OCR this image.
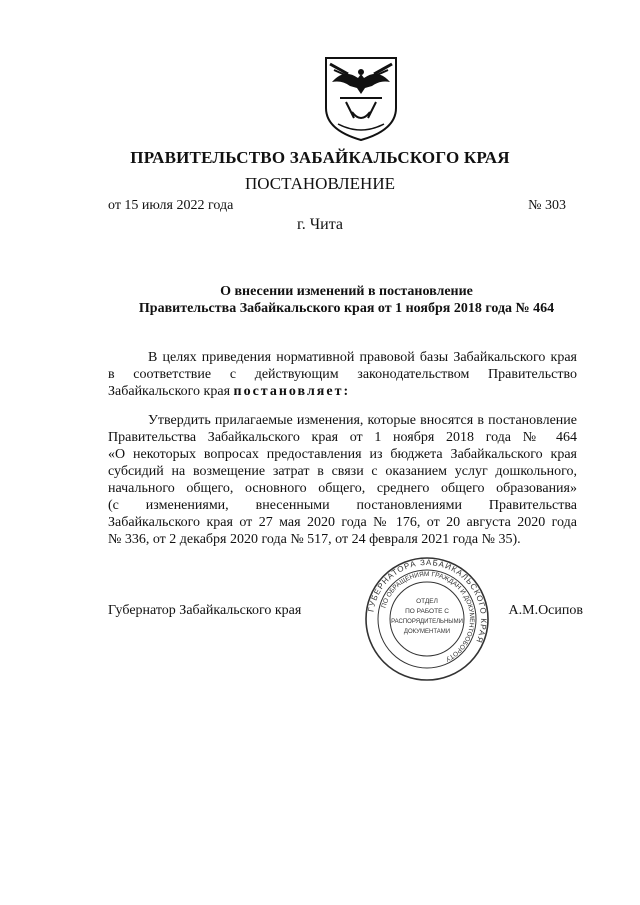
ПРАВИТЕЛЬСТВО ЗАБАЙКАЛЬСКОГО КРАЯ
ПОСТАНОВЛЕНИЕ
от 15 июля 2022 года	№ 303
г. Чита
О внесении изменений в постановление
Правительства Забайкальского края от 1 ноября 2018 года № 464
В целях приведения нормативной правовой базы Забайкальского края
в соответствие с действующим законодательством Правительство
Забайкальского края постановляет:
Утвердить прилагаемые изменения, которые вносятся в постановление
Правительства Забайкальского края от 1 ноября 2018 года № 464
«О некоторых вопросах предоставления из бюджета Забайкальского края
субсидий на возмещение затрат в связи с оказанием услуг дошкольного,
начального общего, основного общего, среднего общего образования»
(с изменениями, внесенными постановлениями Правительства
Забайкальского края от 27 мая 2020 года № 176, от 20 августа 2020 года
№ 336, от 2 декабря 2020 года № 517, от 24 февраля 2021 года № 35).
Губернатор Забайкальского края	А.М.Осипов
ГУБЕРНАТОРА ЗАБАЙКАЛЬСКОГО КРАЯ
ПО ОБРАЩЕНИЯМ ГРАЖДАН И ДОКУМЕНТООБОРОТУ
ОТДЕЛ
ПО РАБОТЕ С
РАСПОРЯДИТЕЛЬНЫМИ
ДОКУМЕНТАМИ
